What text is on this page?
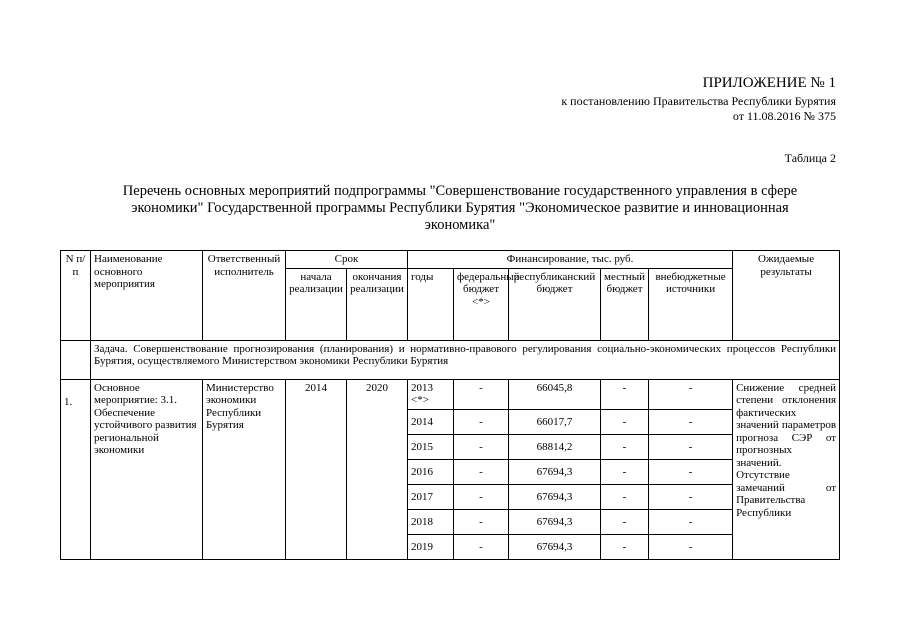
ПРИЛОЖЕНИЕ № 1
к постановлению Правительства Республики Бурятия
от 11.08.2016 № 375
Таблица 2
Перечень основных мероприятий подпрограммы "Совершенствование государственного управления в сфере экономики" Государственной программы Республики Бурятия "Экономическое развитие и инновационная экономика"
N п/п	Наименование основного мероприятия	Ответственный исполнитель	Срок		Финансирование, тыс. руб.					Ожидаемые результаты
			начала реализации	окончания реализации	годы	федеральный бюджет <*>	республиканский бюджет	местный бюджет	внебюджетные источники	
	Задача. Совершенствование прогнозирования (планирования) и нормативно-правового регулирования социально-экономических процессов Республики Бурятия, осуществляемого Министерством экономики Республики Бурятия									
1.	Основное мероприятие: 3.1. Обеспечение устойчивого развития региональной экономики	Министерство экономики Республики Бурятия	2014	2020	2013 <*>	-	66045,8	-	-	Снижение средней степени отклонения фактических значений параметров прогноза СЭР от прогнозных значений. Отсутствие замечаний от Правительства Республики
					2014	-	66017,7	-	-	
					2015	-	68814,2	-	-	
					2016	-	67694,3	-	-	
					2017	-	67694,3	-	-	
					2018	-	67694,3	-	-	
					2019	-	67694,3	-	-	
